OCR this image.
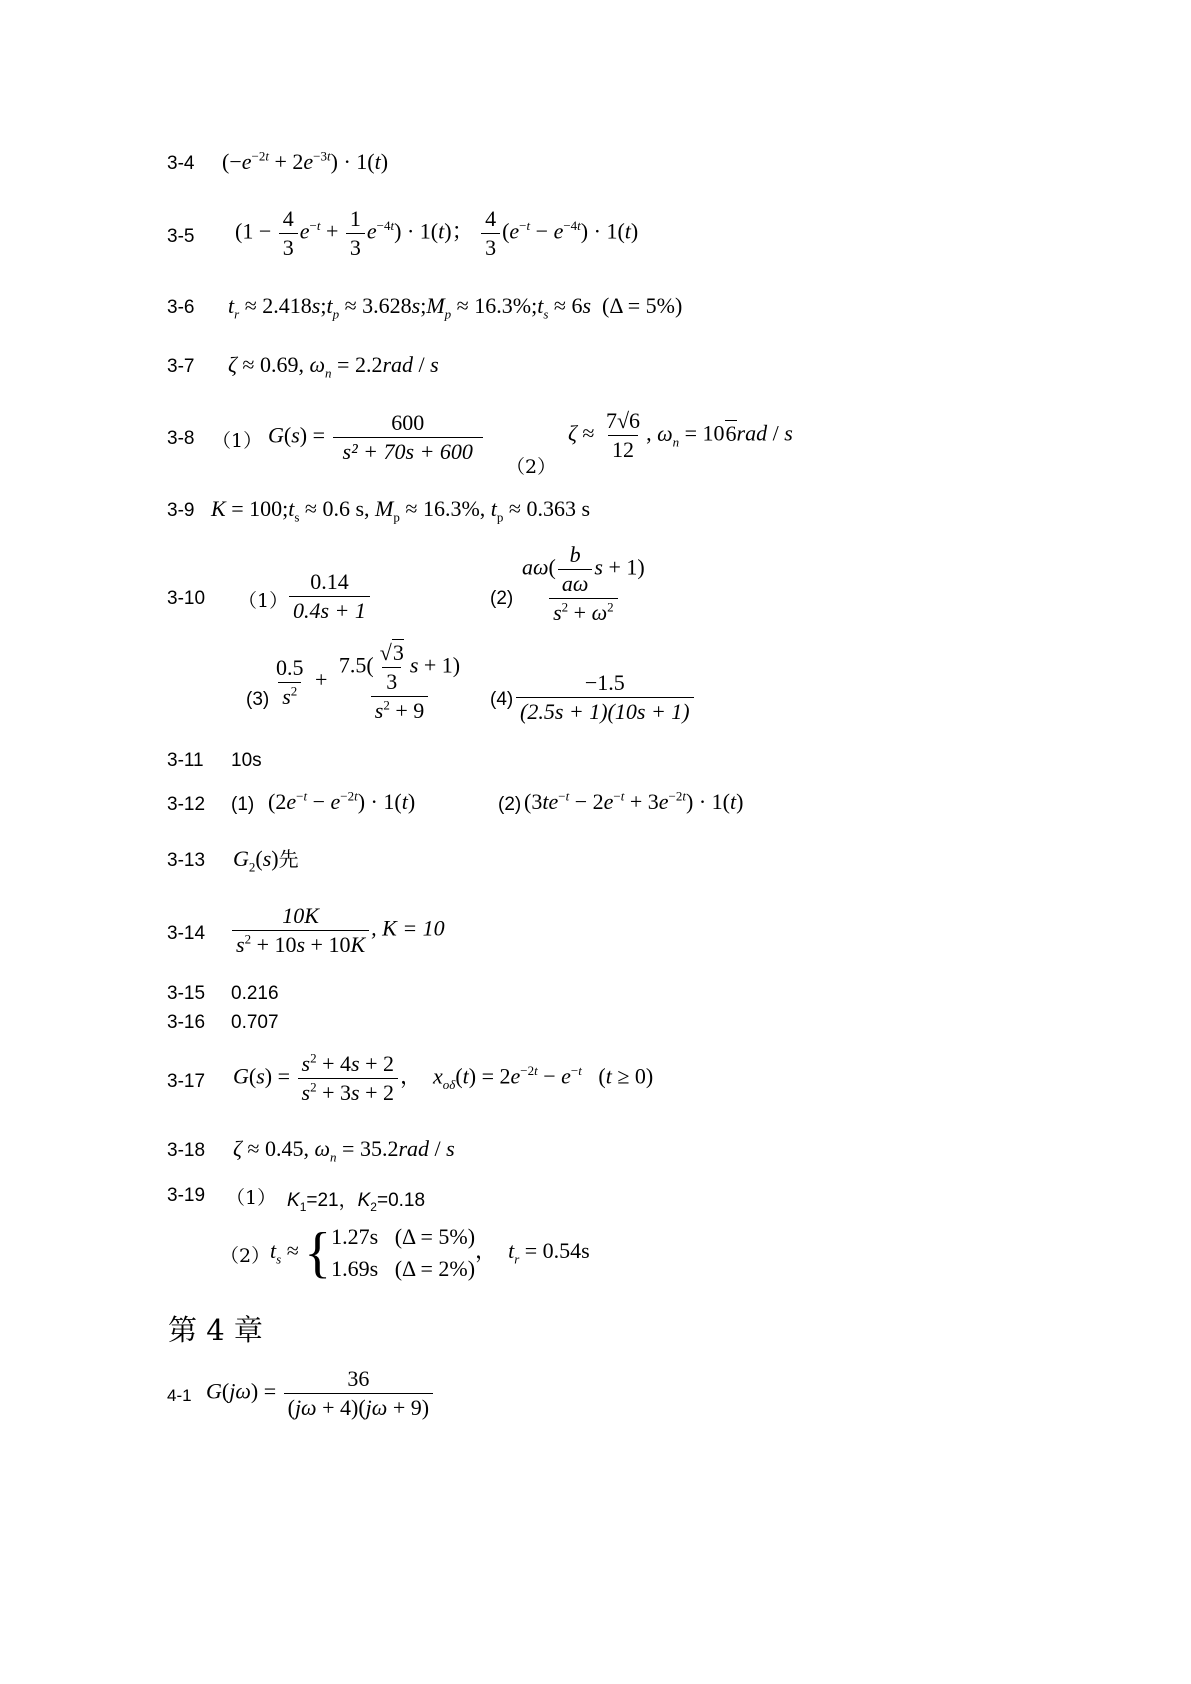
3-4 $(-e^{-2t} + 2e^{-3t}) \cdot 1(t)$
3-5 $(1 - \frac{4}{3} e^{-t} + \frac{1}{3} e^{-4t}) \cdot 1(t)$； $\frac{4}{3} (e^{-t} - e^{-4t}) \cdot 1(t)$
3-6 $t_r$ ≈ $2.418s;t_p$ ≈ $3.628s;M_p$ ≈ $16.3\%;t_s \approx 6s$  (Δ = 5%)
3-7 ζ ≈ 0.69, $\omega_n = 2.2rad / s$
3-8 （1） $G(s) = \frac{600}{\text{s² + 70s + 600}}$
（2）
$\zeta \approx \frac{7√6}{12}$ , $\omega_n = 106rad / s$
3-9 $K = 100;t_s \approx 0.6$ s, $M_p \approx 16.3\%$, $t_p \approx 0.363$ s
3-10 $(1) \frac{0.14}{0.4s + 1}$	$(2) \frac{a\omega( \frac{b}{a\omega} s + 1)}{s^2 + \omega^2}$
$(3) \frac{0.5}{s^2} + \frac{7.5( \frac{√3}{3} s + 1)}{s^2 + 9} (4) \frac{-1.5}{(2.5s + 1)(10s + 1)}$
3-11 10s
3-12 (1) $(2e^{-t} - e^{-2t}) \cdot 1(t)$	(2) $(3te^{-t} - 2e^{-t} + 3e^{-2t}) \cdot 1(t)$
3-13 $G_2(s)$先
$3-14 \frac{10K}{s^2 + 10s + 10K}$ , K = 10
3-15 0.216
3-16 0.707
3-17 $G(s) = \frac{s^2 + 4s + 2}{s^2 + 3s + 2}$ ， $x_{o\delta}(t) = 2e^{-2t} - e^{-t}$   (t ≥ 0)
3-18 ζ ≈ 0.45, $\omega_n = 35.2rad / s$
3-19 （1） $K_1=21$，$K_2=0.18$
（2） $t_s$ ≈ { 1.27s (Δ = 5%)
1.69s (Δ = 2%)
， $t_r = 0.54s$
第 4 章
4-1 $G(j\omega) = \frac{36}{(j\omega + 4)(j\omega + 9)}$
